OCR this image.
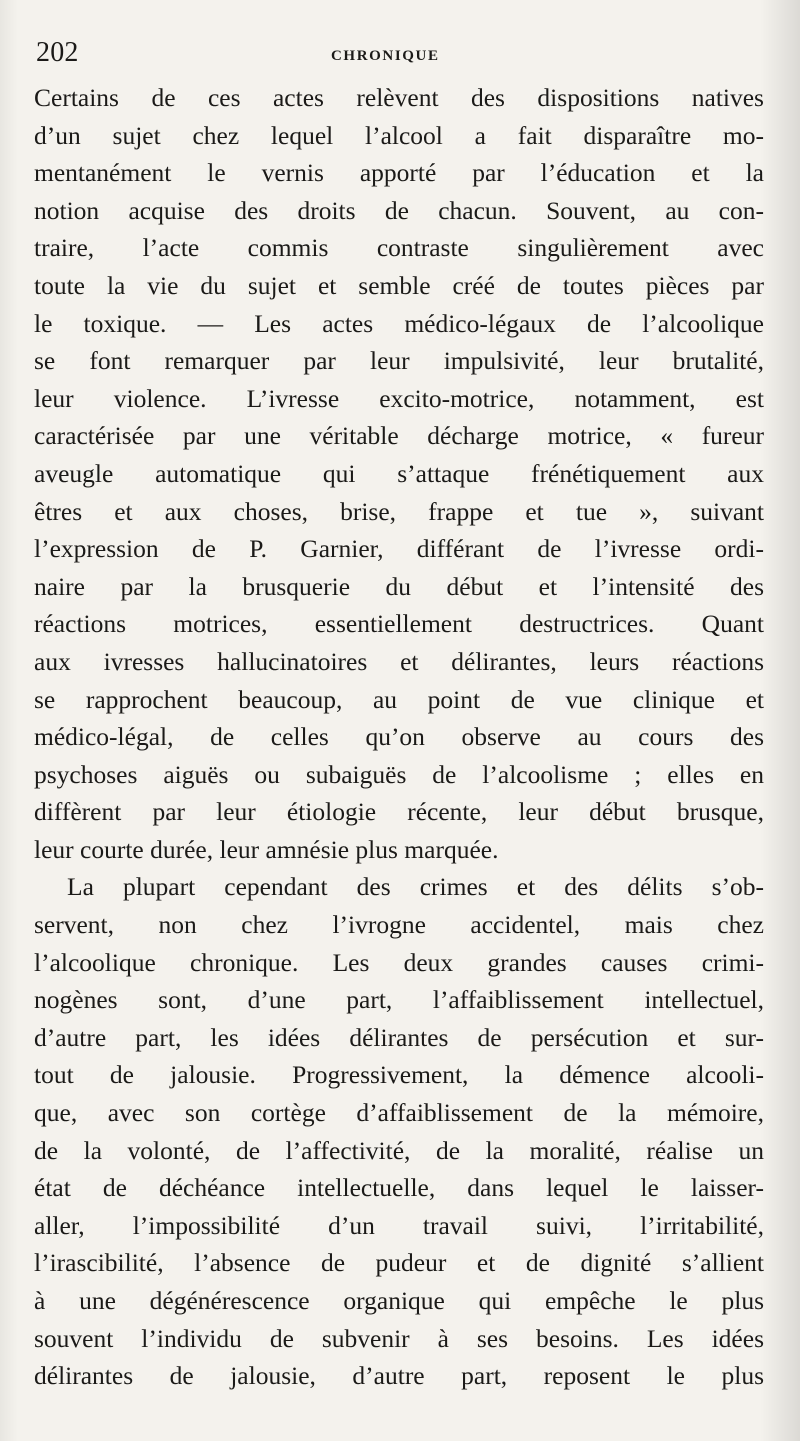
202	CHRONIQUE
Certains de ces actes relèvent des dispositions natives
d’un sujet chez lequel l’alcool a fait disparaître mo-
mentanément le vernis apporté par l’éducation et la
notion acquise des droits de chacun. Souvent, au con-
traire, l’acte commis contraste singulièrement avec
toute la vie du sujet et semble créé de toutes pièces par
le toxique. — Les actes médico-légaux de l’alcoolique
se font remarquer par leur impulsivité, leur brutalité,
leur violence. L’ivresse excito-motrice, notamment, est
caractérisée par une véritable décharge motrice, « fureur
aveugle automatique qui s’attaque frénétiquement aux
êtres et aux choses, brise, frappe et tue », suivant
l’expression de P. Garnier, différant de l’ivresse ordi-
naire par la brusquerie du début et l’intensité des
réactions motrices, essentiellement destructrices. Quant
aux ivresses hallucinatoires et délirantes, leurs réactions
se rapprochent beaucoup, au point de vue clinique et
médico-légal, de celles qu’on observe au cours des
psychoses aiguës ou subaiguës de l’alcoolisme ; elles en
diffèrent par leur étiologie récente, leur début brusque,
leur courte durée, leur amnésie plus marquée.
La plupart cependant des crimes et des délits s’ob-
servent, non chez l’ivrogne accidentel, mais chez
l’alcoolique chronique. Les deux grandes causes crimi-
nogènes sont, d’une part, l’affaiblissement intellectuel,
d’autre part, les idées délirantes de persécution et sur-
tout de jalousie. Progressivement, la démence alcooli-
que, avec son cortège d’affaiblissement de la mémoire,
de la volonté, de l’affectivité, de la moralité, réalise un
état de déchéance intellectuelle, dans lequel le laisser-
aller, l’impossibilité d’un travail suivi, l’irritabilité,
l’irascibilité, l’absence de pudeur et de dignité s’allient
à une dégénérescence organique qui empêche le plus
souvent l’individu de subvenir à ses besoins. Les idées
délirantes de jalousie, d’autre part, reposent le plus
